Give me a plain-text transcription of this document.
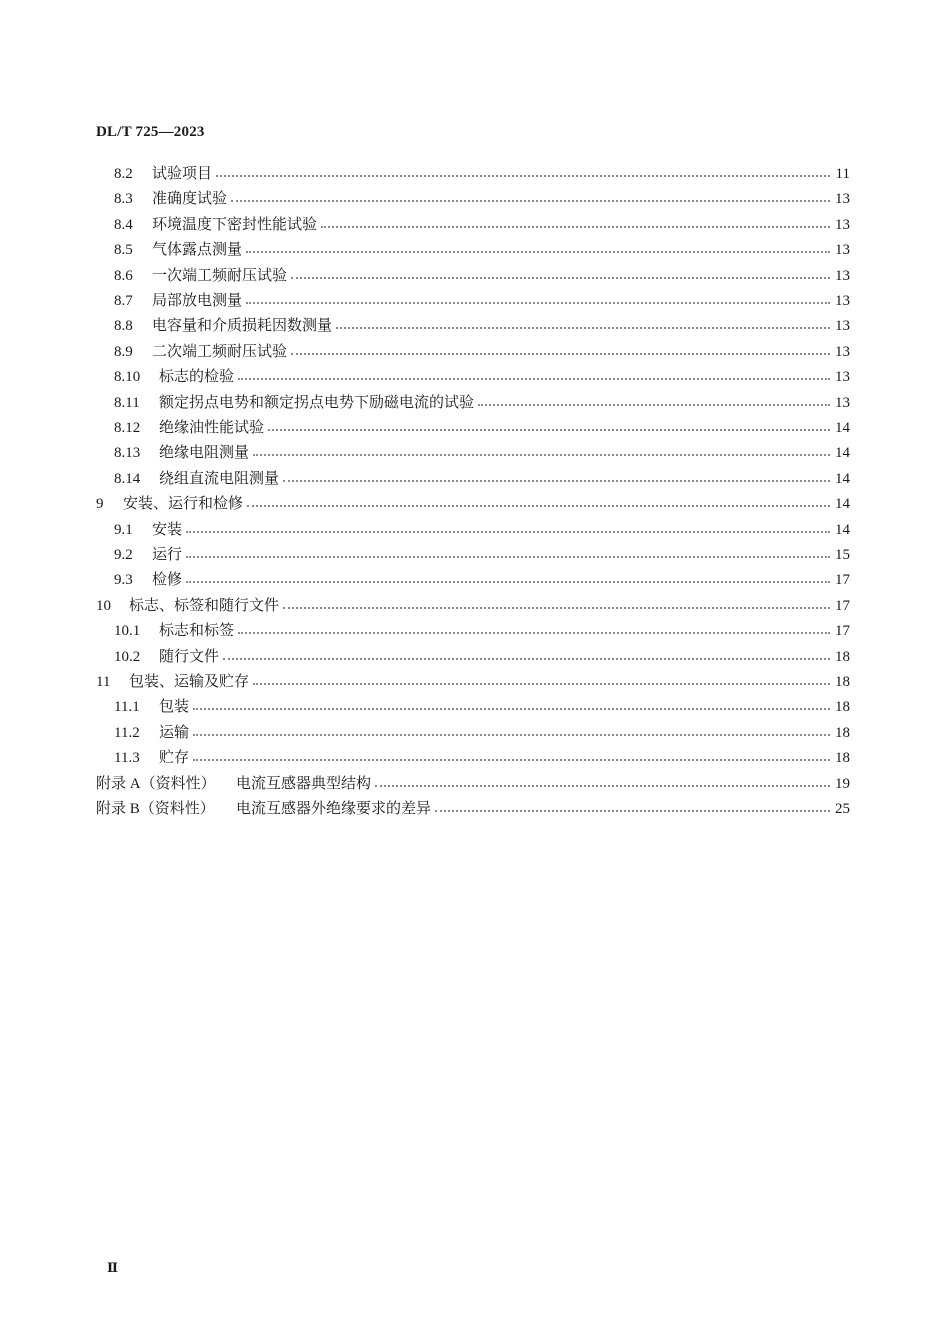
DL/T 725—2023
8.2	试验项目	11
8.3	准确度试验	13
8.4	环境温度下密封性能试验	13
8.5	气体露点测量	13
8.6	一次端工频耐压试验	13
8.7	局部放电测量	13
8.8	电容量和介质损耗因数测量	13
8.9	二次端工频耐压试验	13
8.10	标志的检验	13
8.11	额定拐点电势和额定拐点电势下励磁电流的试验	13
8.12	绝缘油性能试验	14
8.13	绝缘电阻测量	14
8.14	绕组直流电阻测量	14
9	安装、运行和检修	14
9.1	安装	14
9.2	运行	15
9.3	检修	17
10	标志、标签和随行文件	17
10.1	标志和标签	17
10.2	随行文件	18
11	包装、运输及贮存	18
11.1	包装	18
11.2	运输	18
11.3	贮存	18
附录 A（资料性）	电流互感器典型结构	19
附录 B（资料性）	电流互感器外绝缘要求的差异	25
Ⅱ
